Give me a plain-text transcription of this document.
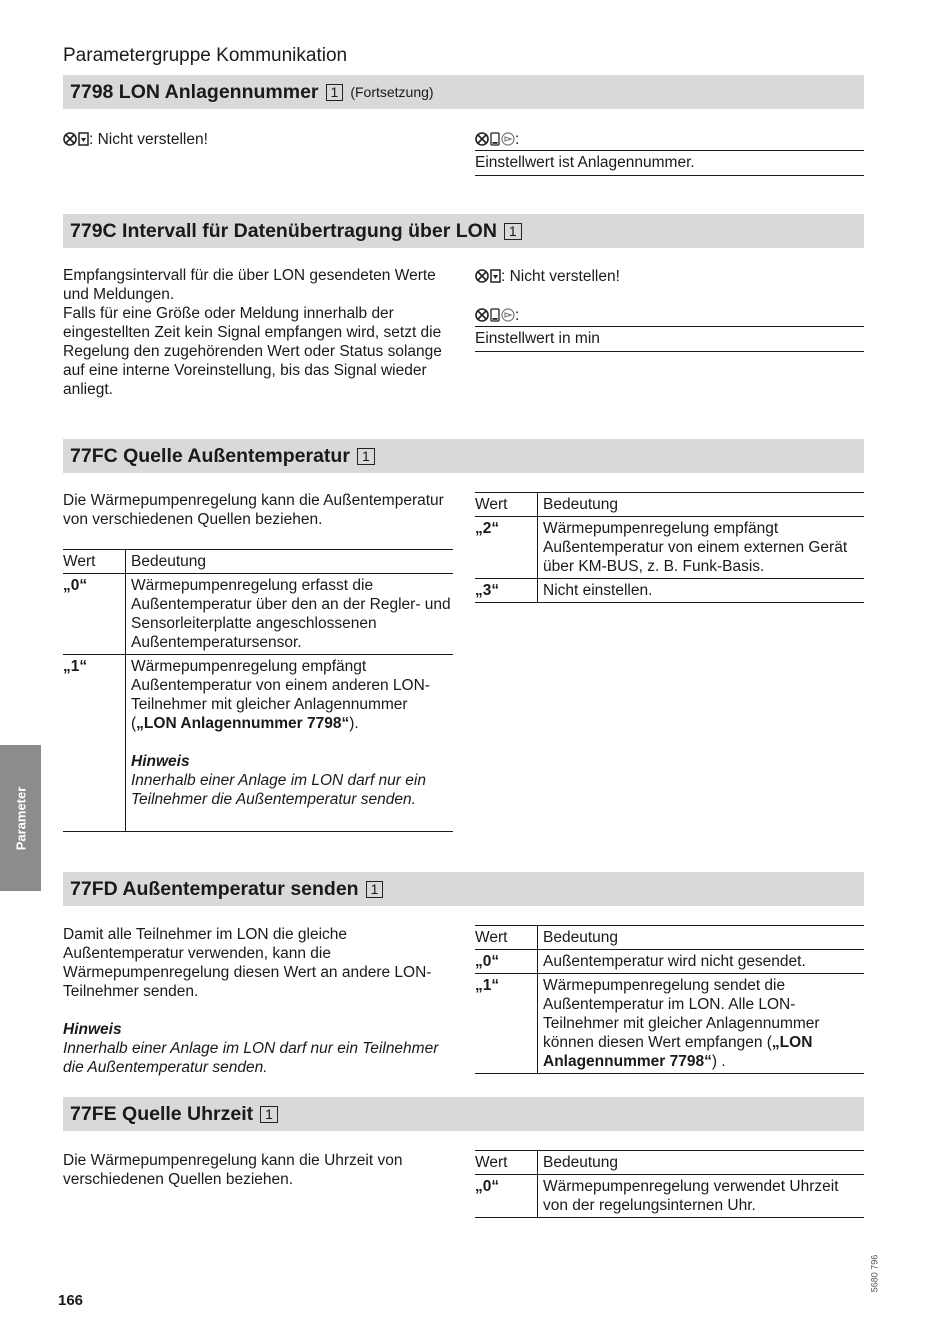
Parametergruppe Kommunikation
7798 LON Anlagennummer 1 (Fortsetzung)
: Nicht verstellen!	:
Einstellwert ist Anlagennummer.
779C Intervall für Datenübertragung über LON 1
Empfangsintervall für die über LON gesendeten Werte und Meldungen.
Falls für eine Größe oder Meldung innerhalb der eingestellten Zeit kein Signal empfangen wird, setzt die Regelung den zugehörenden Wert oder Status solange auf eine interne Voreinstellung, bis das Signal wieder anliegt.
: Nicht verstellen!
:
Einstellwert in min
77FC Quelle Außentemperatur 1
Die Wärmepumpenregelung kann die Außentemperatur von verschiedenen Quellen beziehen.
Wert	Bedeutung
„0“	Wärmepumpenregelung erfasst die Außentemperatur über den an der Regler- und Sensorleiterplatte angeschlossenen Außentemperatursensor.
„1“	Wärmepumpenregelung empfängt Außentemperatur von einem anderen LON-Teilnehmer mit gleicher Anlagennummer („LON Anlagennummer 7798“).

Hinweis

Innerhalb einer Anlage im LON darf nur ein Teilnehmer die Außentemperatur senden.

Wert	Bedeutung
„2“	Wärmepumpenregelung empfängt Außentemperatur von einem externen Gerät über KM-BUS, z. B. Funk-Basis.
„3“	Nicht einstellen.
Parameter
77FD Außentemperatur senden 1

Damit alle Teilnehmer im LON die gleiche Außentemperatur verwenden, kann die Wärmepumpenregelung diesen Wert an andere LON-Teilnehmer senden.

Hinweis

Innerhalb einer Anlage im LON darf nur ein Teilnehmer die Außentemperatur senden.

Wert	Bedeutung
„0“	Außentemperatur wird nicht gesendet.
„1“	Wärmepumpenregelung sendet die Außentemperatur im LON. Alle LON-Teilnehmer mit gleicher Anlagennummer können diesen Wert empfangen („LON Anlagennummer 7798“) .
77FE Quelle Uhrzeit 1
Die Wärmepumpenregelung kann die Uhrzeit von verschiedenen Quellen beziehen.
Wert	Bedeutung
„0“	Wärmepumpenregelung verwendet Uhrzeit von der regelungsinternen Uhr.
166
5680 796
